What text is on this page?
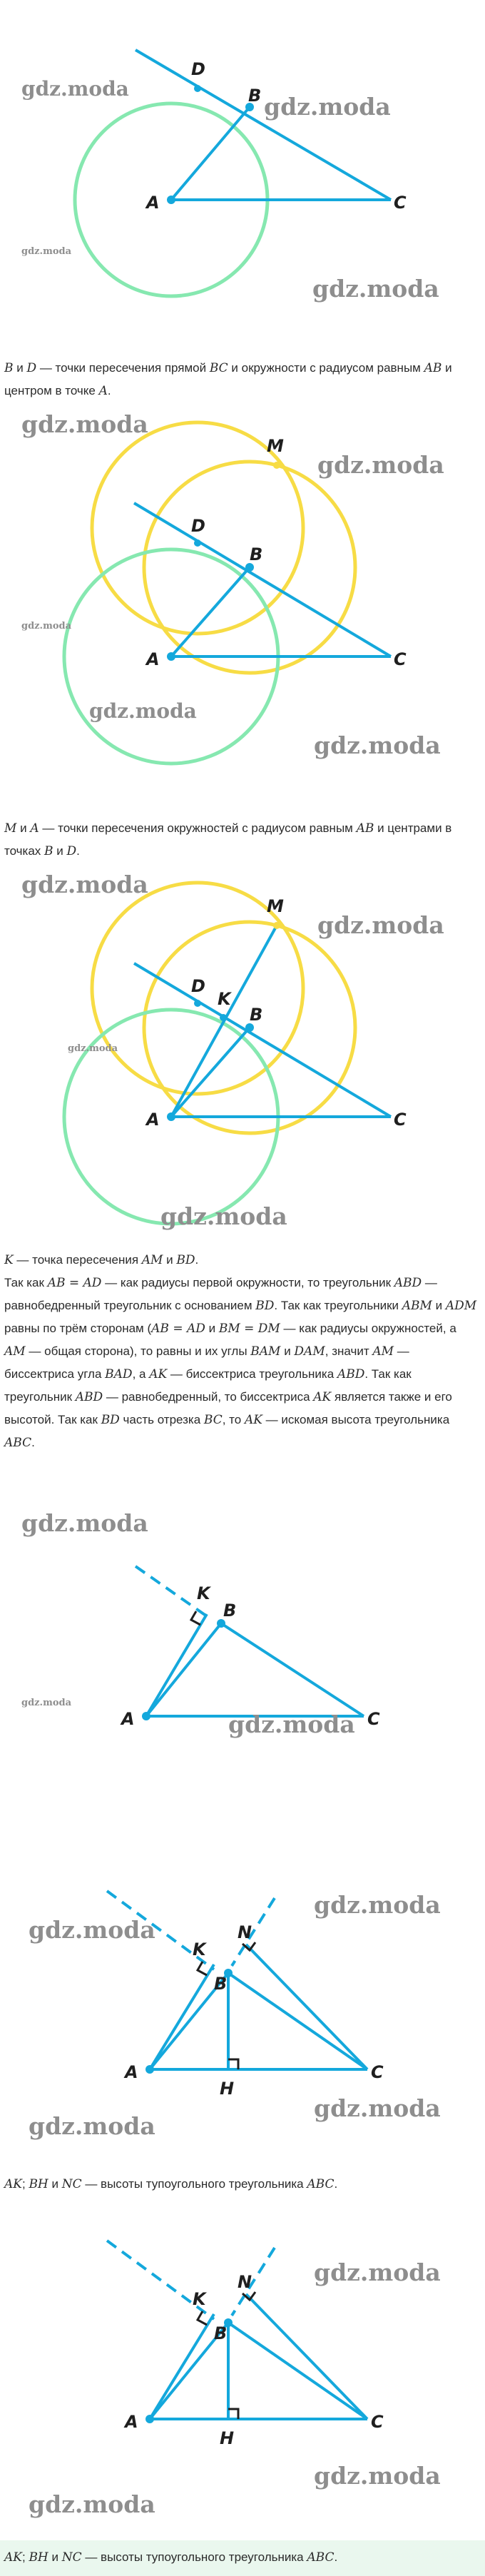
A
B
C
D
gdz.moda
gdz.moda
gdz.moda
gdz.moda
B и D — точки пересечения прямой BC и окружности с радиусом равным AB и центром в точке A.
A
B
C
D
M
gdz.moda
gdz.moda
gdz.moda
gdz.moda
gdz.moda
M и A — точки пересечения окружностей с радиусом равным AB и центрами в точках B и D.
A
B
C
D
K
M
gdz.moda
gdz.moda
gdz.moda
gdz.moda
K — точка пересечения AM и BD.
Так как AB = AD — как радиусы первой окружности, то треугольник ABD — равнобедренный треугольник с основанием BD. Так как треугольники ABM и ADM равны по трём сторонам (AB = AD и BM = DM — как радиусы окружностей, а AM — общая сторона), то равны и их углы BAM и DAM, значит AM — биссектриса угла BAD, а AK — биссектриса треугольника ABD. Так как треугольник ABD — равнобедренный, то биссектриса AK является также и его высотой. Так как BD часть отрезка BC, то AK — искомая высота треугольника ABC.
A
B
C
K
gdz.moda
gdz.moda
gdz.moda
A
B
C
K
N
H
gdz.moda
gdz.moda
gdz.moda
gdz.moda
AK; BH и NC — высоты тупоугольного треугольника ABC.
A
B
C
K
N
H
gdz.moda
gdz.moda
gdz.moda
AK; BH и NC — высоты тупоугольного треугольника ABC.
